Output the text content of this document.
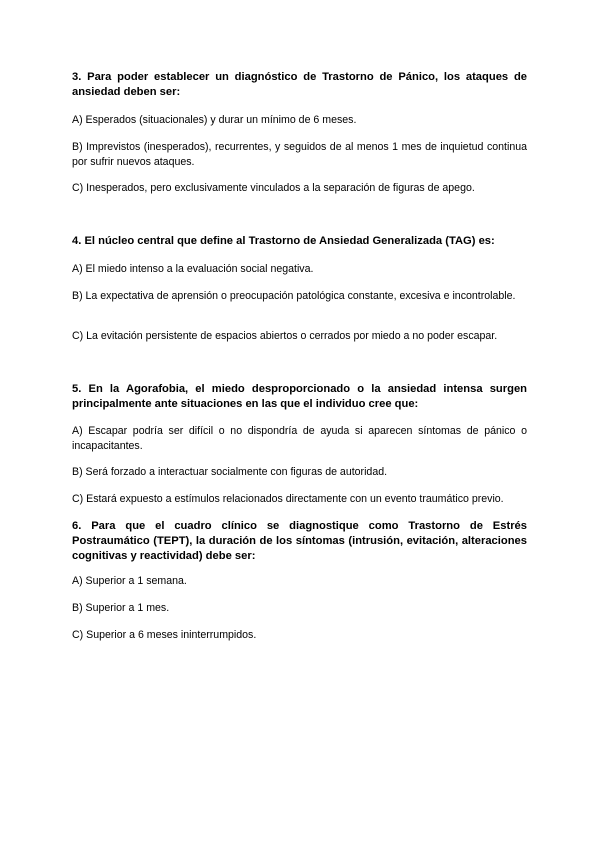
3. Para poder establecer un diagnóstico de Trastorno de Pánico, los ataques de ansiedad deben ser:

A) Esperados (situacionales) y durar un mínimo de 6 meses.

B) Imprevistos (inesperados), recurrentes, y seguidos de al menos 1 mes de inquietud continua por sufrir nuevos ataques.

C) Inesperados, pero exclusivamente vinculados a la separación de figuras de apego.

4. El núcleo central que define al Trastorno de Ansiedad Generalizada (TAG) es:

A) El miedo intenso a la evaluación social negativa.

B) La expectativa de aprensión o preocupación patológica constante, excesiva e incontrolable.

C) La evitación persistente de espacios abiertos o cerrados por miedo a no poder escapar.

5. En la Agorafobia, el miedo desproporcionado o la ansiedad intensa surgen principalmente ante situaciones en las que el individuo cree que:

A) Escapar podría ser difícil o no dispondría de ayuda si aparecen síntomas de pánico o incapacitantes.

B) Será forzado a interactuar socialmente con figuras de autoridad.

C) Estará expuesto a estímulos relacionados directamente con un evento traumático previo.

6. Para que el cuadro clínico se diagnostique como Trastorno de Estrés Postraumático (TEPT), la duración de los síntomas (intrusión, evitación, alteraciones cognitivas y reactividad) debe ser:

A) Superior a 1 semana.

B) Superior a 1 mes.

C) Superior a 6 meses ininterrumpidos.
